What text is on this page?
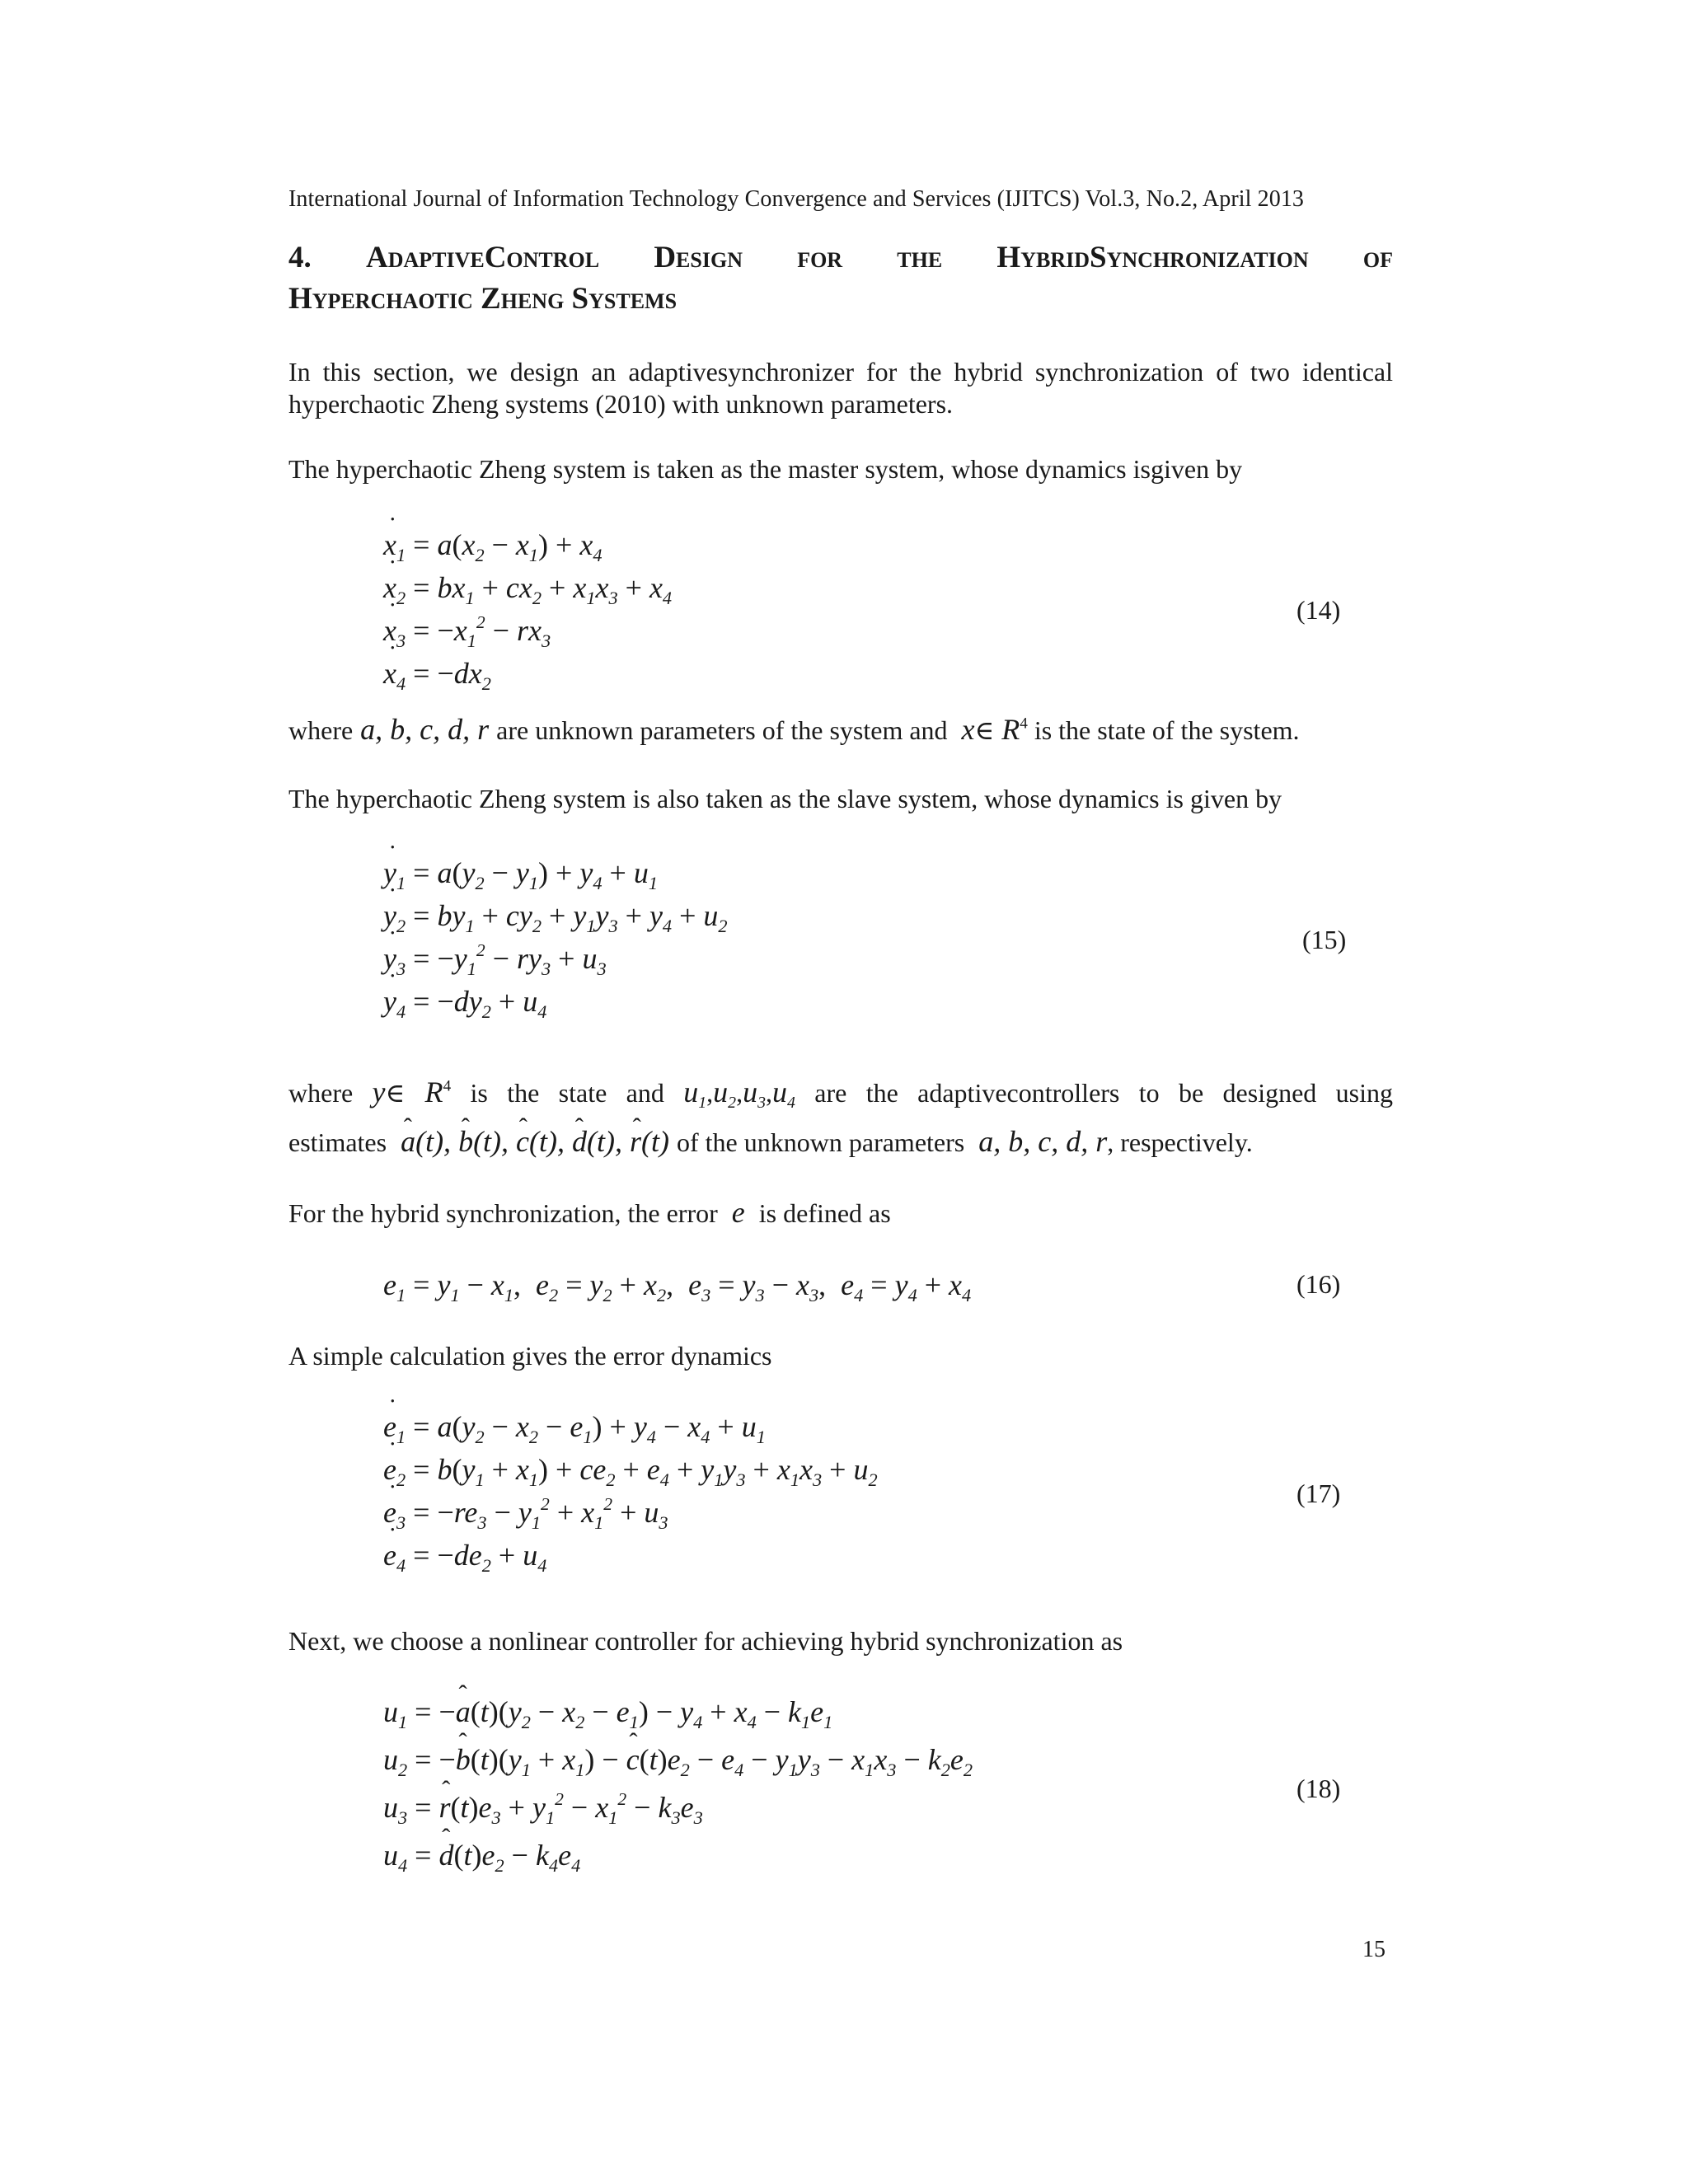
International Journal of Information Technology Convergence and Services (IJITCS) Vol.3, No.2, April 2013
4. AdaptiveControl Design for the HybridSynchronization of
Hyperchaotic Zheng Systems
In this section, we design an adaptivesynchronizer for the hybrid synchronization of two identical
hyperchaotic Zheng systems (2010) with unknown parameters.
The hyperchaotic Zheng system is taken as the master system, whose dynamics isgiven by
˙ $x_1 = a(x_2 - x_1) + x_4$
˙ $x_2 = bx_1 + cx_2 + x_1x_3 + x_4$
˙ $x_3 = -x_1^2 - rx_3$
˙ $x_4 = -dx_2$
(14)
where a, b, c, d, r are unknown parameters of the system and  x∈ $R^4$ is the state of the system.
The hyperchaotic Zheng system is also taken as the slave system, whose dynamics is given by
˙ $y_1 = a(y_2 - y_1) + y_4 + u_1$
˙ $y_2 = by_1 + cy_2 + y_1y_3 + y_4 + u_2$
˙ $y_3 = -y_1^2 - ry_3 + u_3$
˙ $y_4 = -dy_2 + u_4$
(15)
where y∈ $R^4$ is the state and $u_1,u_2,u_3,u_4$ are the adaptivecontrollers to be designed using
estimates ˆ a(t), ˆ b(t), ˆ c(t), ˆ d(t), ˆ r(t) of the unknown parameters  a, b, c, d, r, respectively.
For the hybrid synchronization, the error  e  is defined as
$e_1 = y_1 - x_1$,  $e_2 = y_2 + x_2$,  $e_3 = y_3 - x_3$,  $e_4 = y_4 + x_4$	(16)
A simple calculation gives the error dynamics
˙ $e_1 = a(y_2 - x_2 - e_1) + y_4 - x_4 + u_1$
˙ $e_2 = b(y_1 + x_1) + ce_2 + e_4 + y_1y_3 + x_1x_3 + u_2$
˙ $e_3 = -re_3 - y_1^2 + x_1^2 + u_3$
˙ $e_4 = -de_2 + u_4$
(17)
Next, we choose a nonlinear controller for achieving hybrid synchronization as
$u_1$ = −ˆ $a(t)(y_2 - x_2 - e_1) - y_4 + x_4 - k_1e_1$
$u_2$ = −ˆ $b(t)(y_1 + x_1)$ − ˆ $c(t)e_2 - e_4 - y_1y_3 - x_1x_3 - k_2e_2$
$u_3$ = ˆ $r(t)e_3 + y_1^2 - x_1^2 - k_3e_3$
$u_4$ = ˆ $d(t)e_2 - k_4e_4$
(18)
15
